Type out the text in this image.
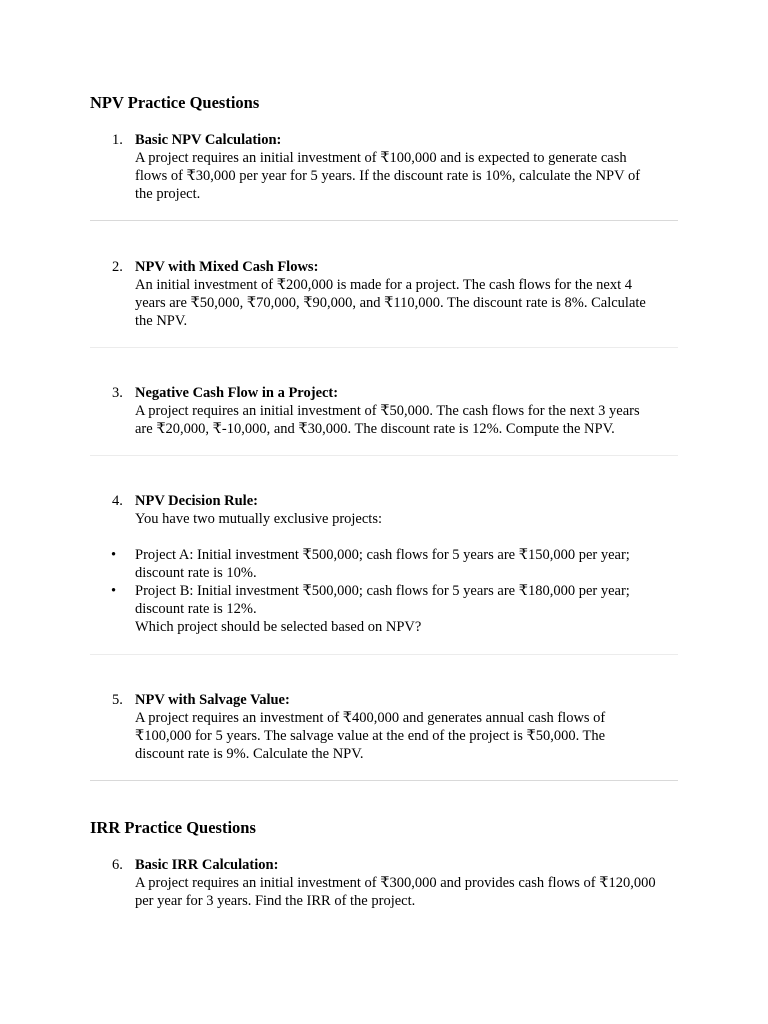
NPV Practice Questions
1. Basic NPV Calculation:
A project requires an initial investment of ₹100,000 and is expected to generate cash
flows of ₹30,000 per year for 5 years. If the discount rate is 10%, calculate the NPV of
the project.
2. NPV with Mixed Cash Flows:
An initial investment of ₹200,000 is made for a project. The cash flows for the next 4
years are ₹50,000, ₹70,000, ₹90,000, and ₹110,000. The discount rate is 8%. Calculate
the NPV.
3. Negative Cash Flow in a Project:
A project requires an initial investment of ₹50,000. The cash flows for the next 3 years
are ₹20,000, ₹-10,000, and ₹30,000. The discount rate is 12%. Compute the NPV.
4. NPV Decision Rule:
You have two mutually exclusive projects:
• Project A: Initial investment ₹500,000; cash flows for 5 years are ₹150,000 per year;
discount rate is 10%.
• Project B: Initial investment ₹500,000; cash flows for 5 years are ₹180,000 per year;
discount rate is 12%.
Which project should be selected based on NPV?
5. NPV with Salvage Value:
A project requires an investment of ₹400,000 and generates annual cash flows of
₹100,000 for 5 years. The salvage value at the end of the project is ₹50,000. The
discount rate is 9%. Calculate the NPV.
IRR Practice Questions
6. Basic IRR Calculation:
A project requires an initial investment of ₹300,000 and provides cash flows of ₹120,000
per year for 3 years. Find the IRR of the project.
